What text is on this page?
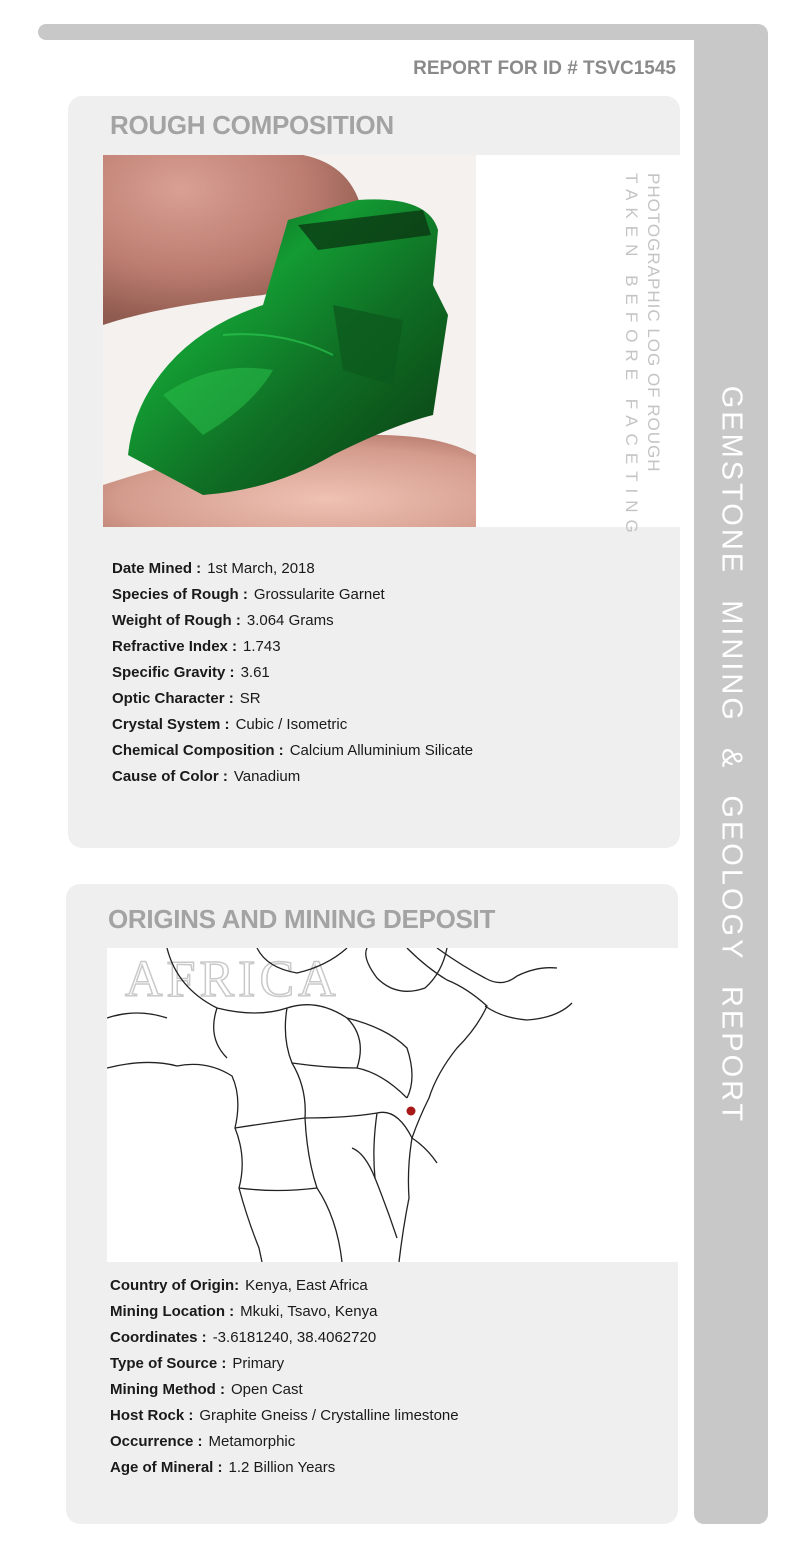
GEMSTONE MINING & GEOLOGY REPORT
REPORT FOR ID # TSVC1545
ROUGH COMPOSITION
PHOTOGRAPHIC LOG OF ROUGH
TAKEN BEFORE FACETING
Date Mined : 1st March, 2018
Species of Rough : Grossularite Garnet
Weight of Rough : 3.064 Grams
Refractive Index : 1.743
Specific Gravity : 3.61
Optic Character : SR
Crystal System : Cubic / Isometric
Chemical Composition : Calcium Alluminium Silicate
Cause of Color : Vanadium
ORIGINS AND MINING DEPOSIT
AFRICA
Country of Origin: Kenya, East Africa
Mining Location : Mkuki, Tsavo, Kenya
Coordinates : -3.6181240, 38.4062720
Type of Source : Primary
Mining Method : Open Cast
Host Rock : Graphite Gneiss / Crystalline limestone
Occurrence : Metamorphic
Age of Mineral : 1.2 Billion Years
